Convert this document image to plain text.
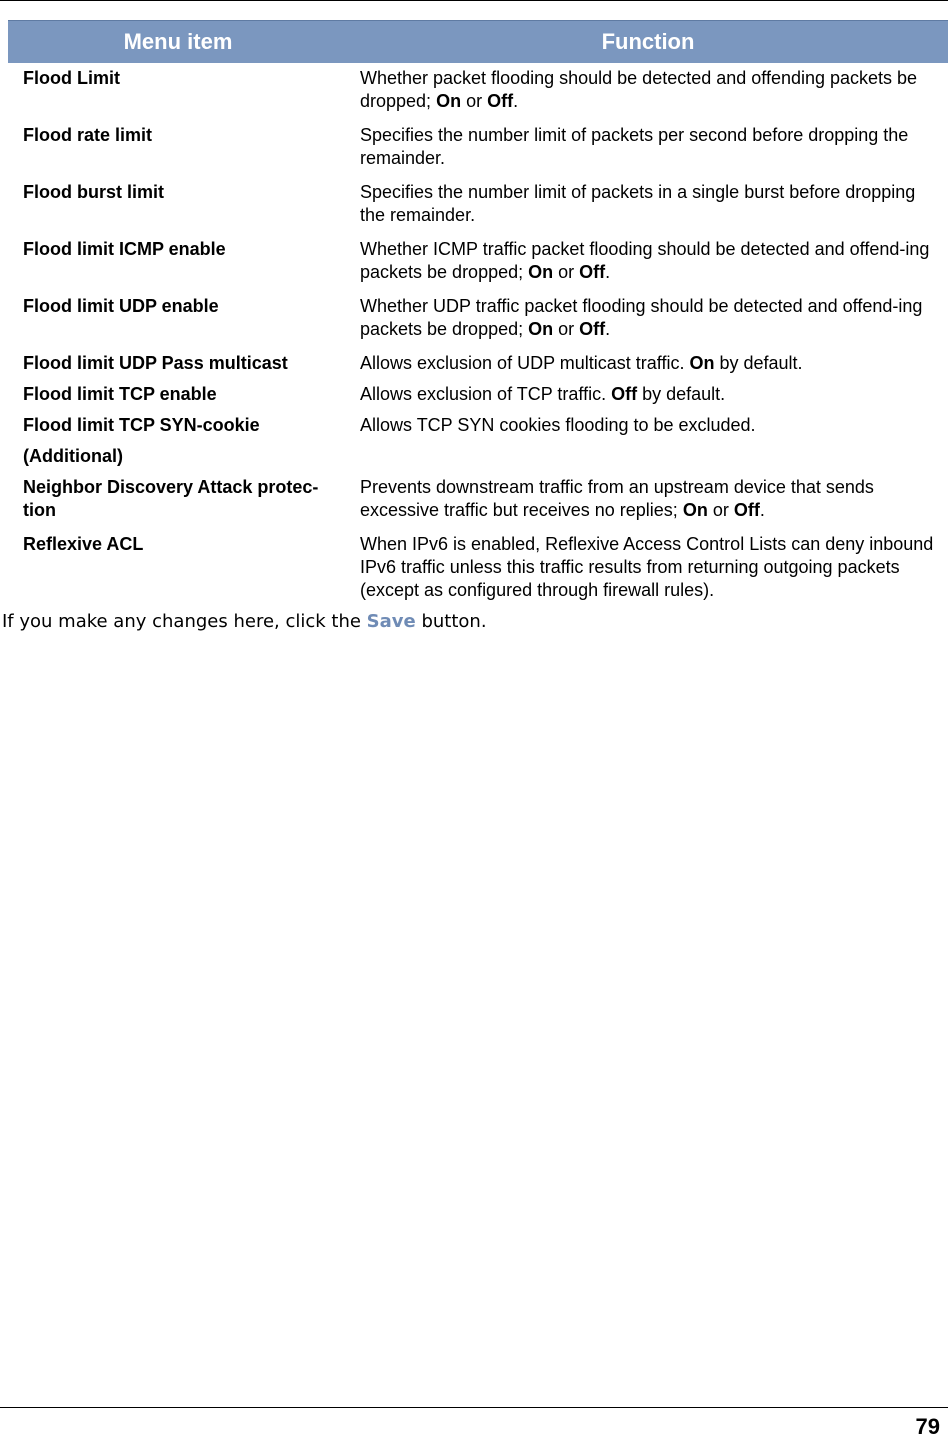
Menu item	Function
Flood Limit	Whether packet flooding should be detected and offending packets be dropped; On or Off.
Flood rate limit	Specifies the number limit of packets per second before dropping the remainder.
Flood burst limit	Specifies the number limit of packets in a single burst before dropping the remainder.
Flood limit ICMP enable	Whether ICMP traffic packet flooding should be detected and offend-ing packets be dropped; On or Off.
Flood limit UDP enable	Whether UDP traffic packet flooding should be detected and offend-ing packets be dropped; On or Off.
Flood limit UDP Pass multicast	Allows exclusion of UDP multicast traffic. On by default.
Flood limit TCP enable	Allows exclusion of TCP traffic. Off by default.
Flood limit TCP SYN-cookie	Allows TCP SYN cookies flooding to be excluded.
(Additional)	
Neighbor Discovery Attack protec-tion	Prevents downstream traffic from an upstream device that sends excessive traffic but receives no replies; On or Off.
Reflexive ACL	When IPv6 is enabled, Reflexive Access Control Lists can deny inbound IPv6 traffic unless this traffic results from returning outgoing packets (except as configured through firewall rules).
If you make any changes here, click the Save button.
79
